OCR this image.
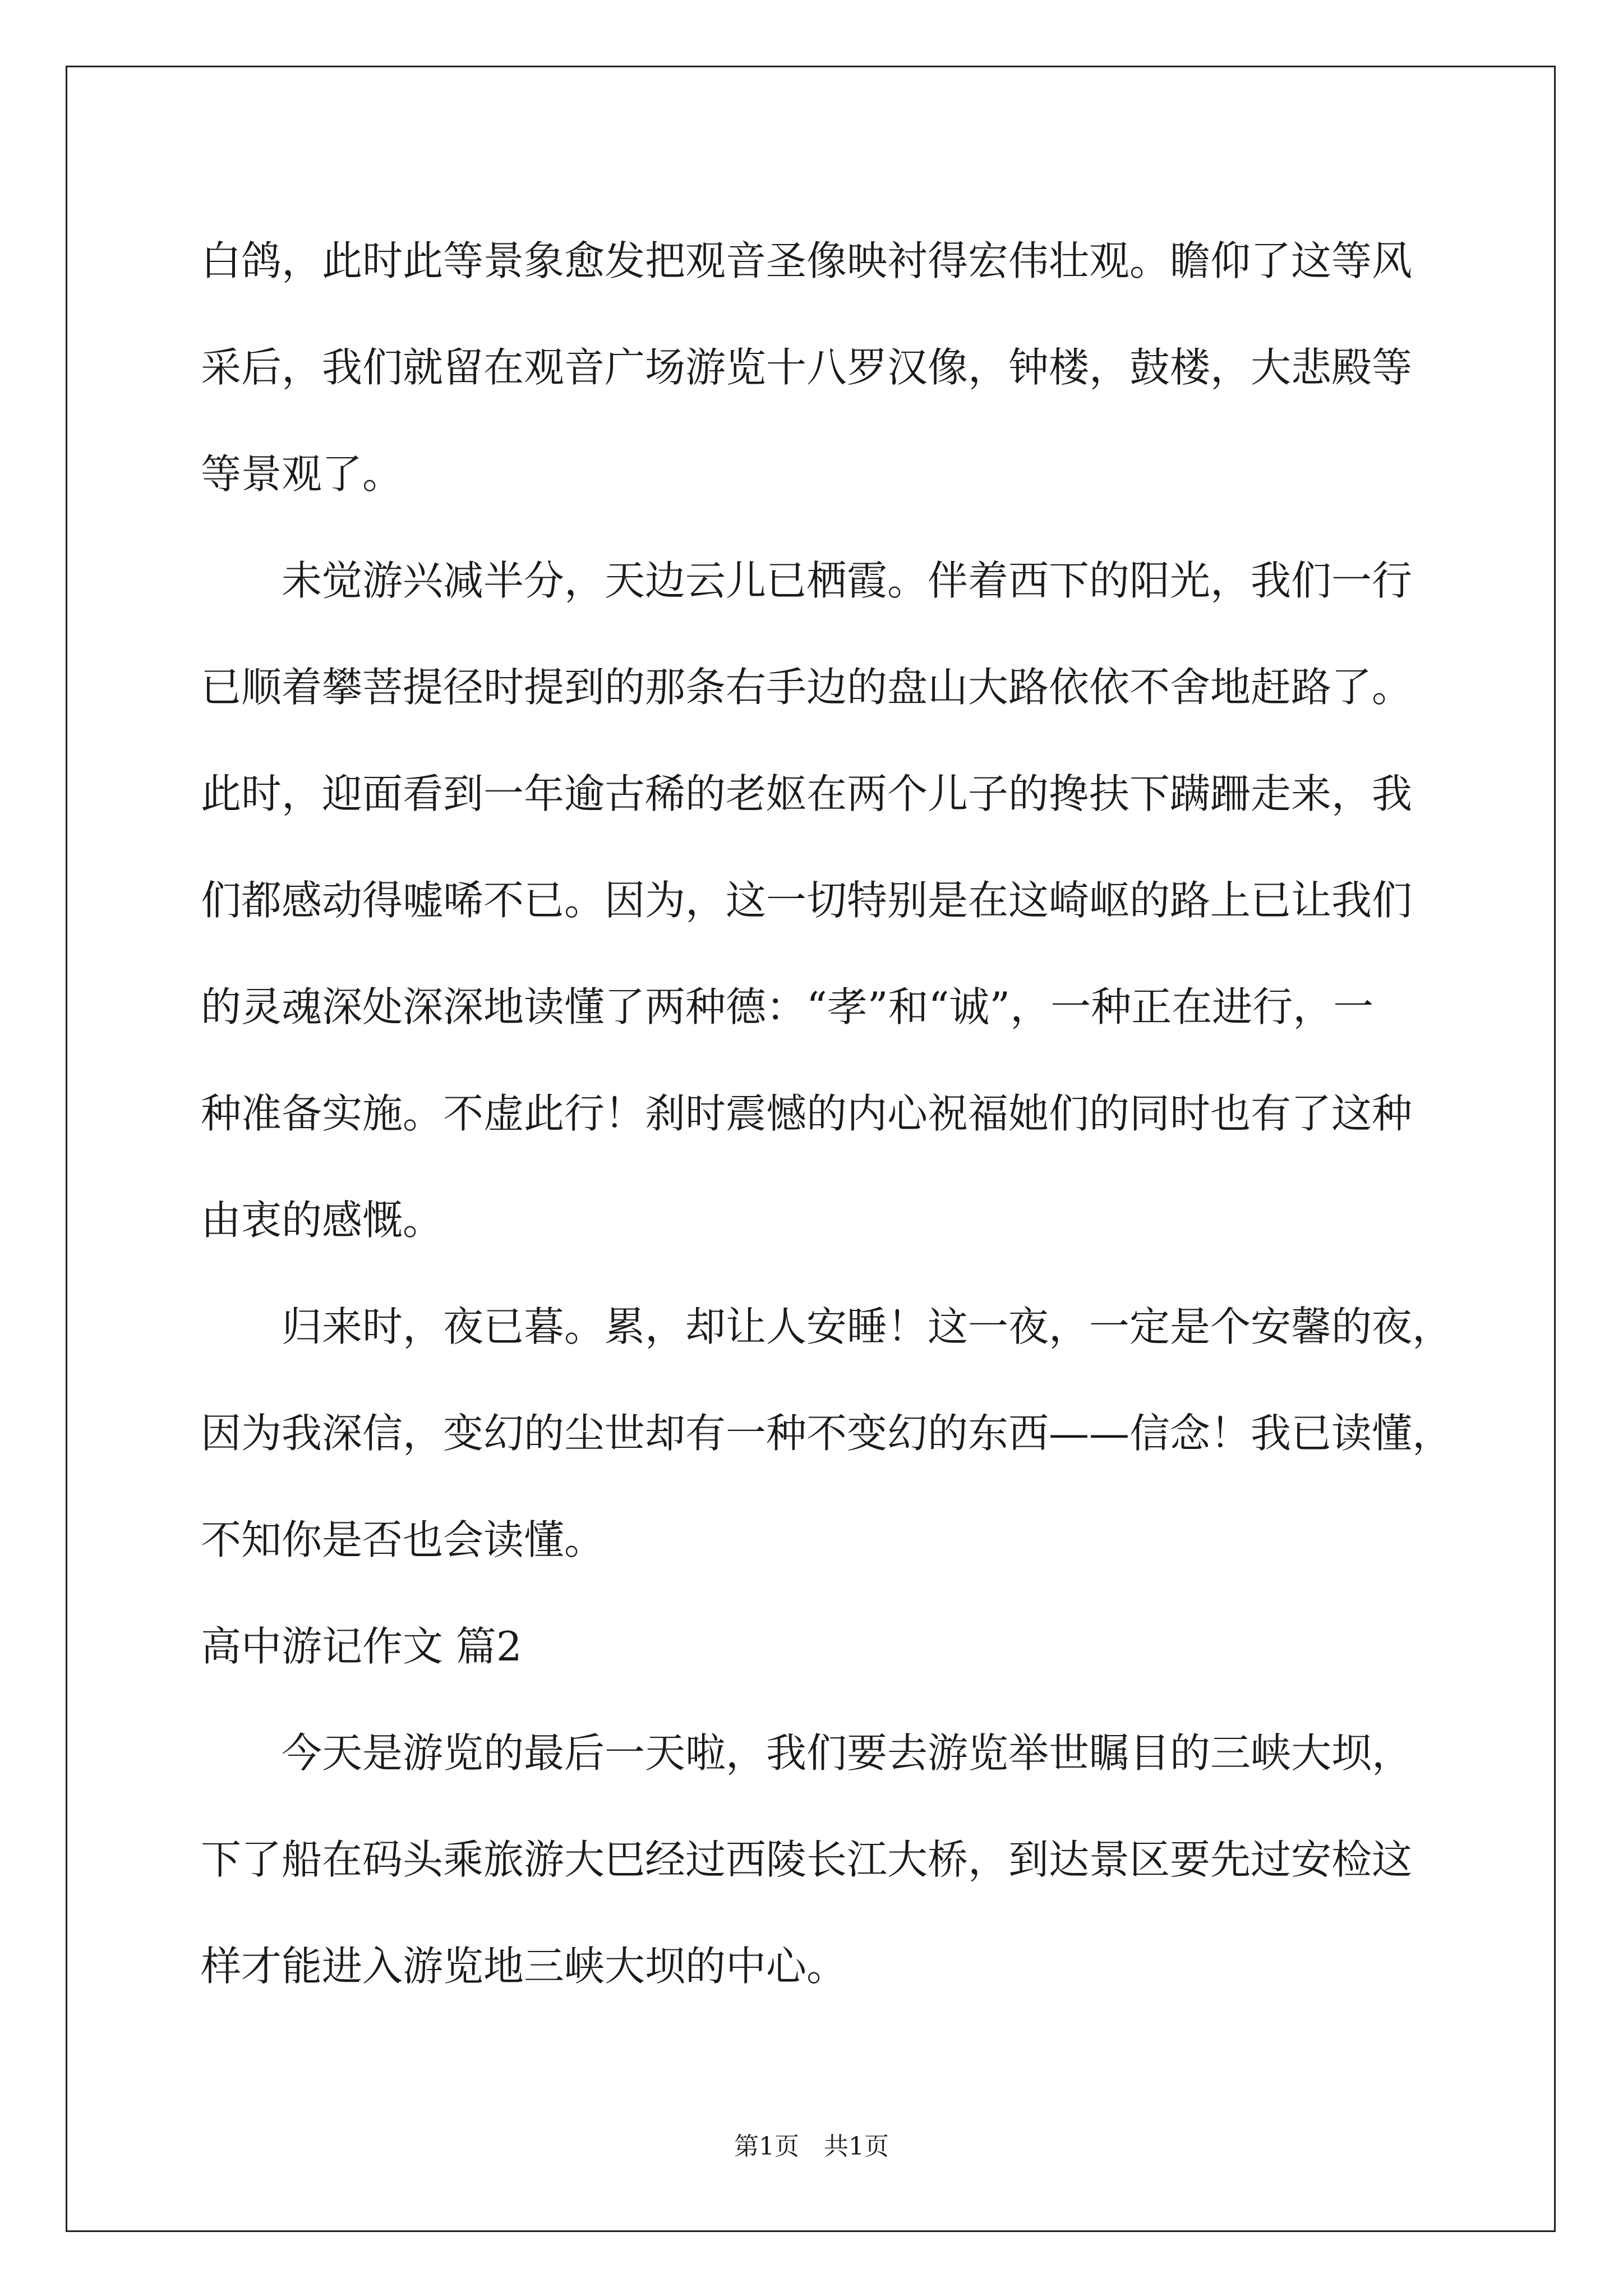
白鸽，此时此等景象愈发把观音圣像映衬得宏伟壮观。瞻仰了这等风
采后，我们就留在观音广场游览十八罗汉像，钟楼，鼓楼，大悲殿等
等景观了。
未觉游兴减半分，天边云儿已栖霞。伴着西下的阳光，我们一行
已顺着攀菩提径时提到的那条右手边的盘山大路依依不舍地赶路了。
此时，迎面看到一年逾古稀的老妪在两个儿子的搀扶下蹒跚走来，我
们都感动得嘘唏不已。因为，这一切特别是在这崎岖的路上已让我们
的灵魂深处深深地读懂了两种德：“孝”和“诚”，一种正在进行，一
种准备实施。不虚此行！刹时震憾的内心祝福她们的同时也有了这种
由衷的感慨。
归来时，夜已暮。累，却让人安睡！这一夜，一定是个安馨的夜，
因为我深信，变幻的尘世却有一种不变幻的东西——信念！我已读懂，
不知你是否也会读懂。
高中游记作文 篇2
今天是游览的最后一天啦，我们要去游览举世瞩目的三峡大坝，
下了船在码头乘旅游大巴经过西陵长江大桥，到达景区要先过安检这
样才能进入游览地三峡大坝的中心。
第1页　共1页
